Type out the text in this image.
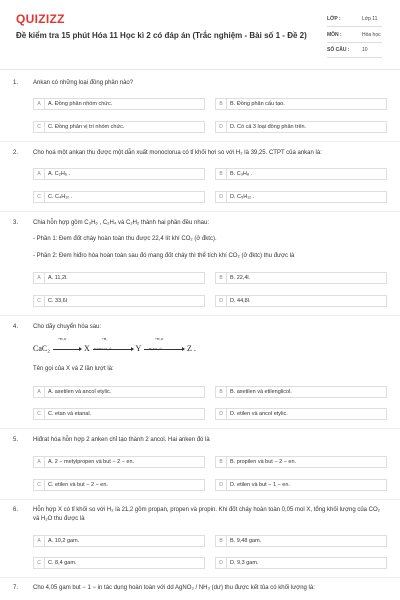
QUIZIZZ
Đề kiểm tra 15 phút Hóa 11 Học kì 2 có đáp án (Trắc nghiệm - Bài số 1 - Đề 2)
LỚP :	Lớp 11
MÔN :	Hóa học
SỐ CÂU :	10
1. Ankan có những loại đồng phân nào?
A	A. Đồng phân nhóm chức.	B	B. Đồng phân cấu tạo.
C	C. Đồng phân vị trí nhóm chức.	D	D. Có cả 3 loại đồng phân trên.
2. Cho hoá một ankan thu được một dẫn xuất monoclorua có tỉ khối hơi so với H₂ là 39,25. CTPT của ankan là:
A	A. C₂H₆ .	B	B. C₃H₈ .
C	C. C₄H₁₀ .	D	D. C₅H₁₂ .
3. Chia hỗn hợp gồm C₃H₆ , C₂H₄ và C₂H₂ thành hai phần đều nhau:
- Phần 1: Đem đốt cháy hoàn toàn thu được 22,4 lít khí CO₂ (ở đktc).
- Phần 2: Đem hiđro hóa hoàn toàn sau đó mang đốt cháy thì thể tích khí CO₂ (ở đktc) thu được là
A	A. 11,2l.	B	B. 22,4l.
C	C. 33,6l	D	D. 44,8l.
4. Cho dãy chuyển hóa sau:
CaC₂
+H₂O
X
+H₂
Y
+H₂O
Z .
Tên gọi của X và Z lần lượt là:
A	A. axetilen và ancol etylic.	B	B. axetilen và etilenglicol.
C	C. etan và etanal.	D	D. etilen và ancol etylic.
5. Hiđrat hóa hỗn hợp 2 anken chỉ tạo thành 2 ancol. Hai anken đó là
A	A. 2 − metylpropen và but − 2 − en.	B	B. propilen và but − 2 − en.
C	C. etilen và but − 2 − en.	D	D. etilen và but − 1 − en.
6. Hỗn hợp X có tỉ khối so với H₂ là 21,2 gồm propan, propen và propin. Khi đốt cháy hoàn toàn 0,05 mol X, tổng khối lượng của CO₂ và H₂O thu được là
A	A. 10,2 gam.	B	B. 9,48 gam.
C	C. 8,4 gam.	D	D. 9,3 gam.
7. Cho 4,05 gam but − 1 − in tác dụng hoàn toàn với dd AgNO₃ / NH₃ (dư) thu được kết tủa có khối lượng là:
